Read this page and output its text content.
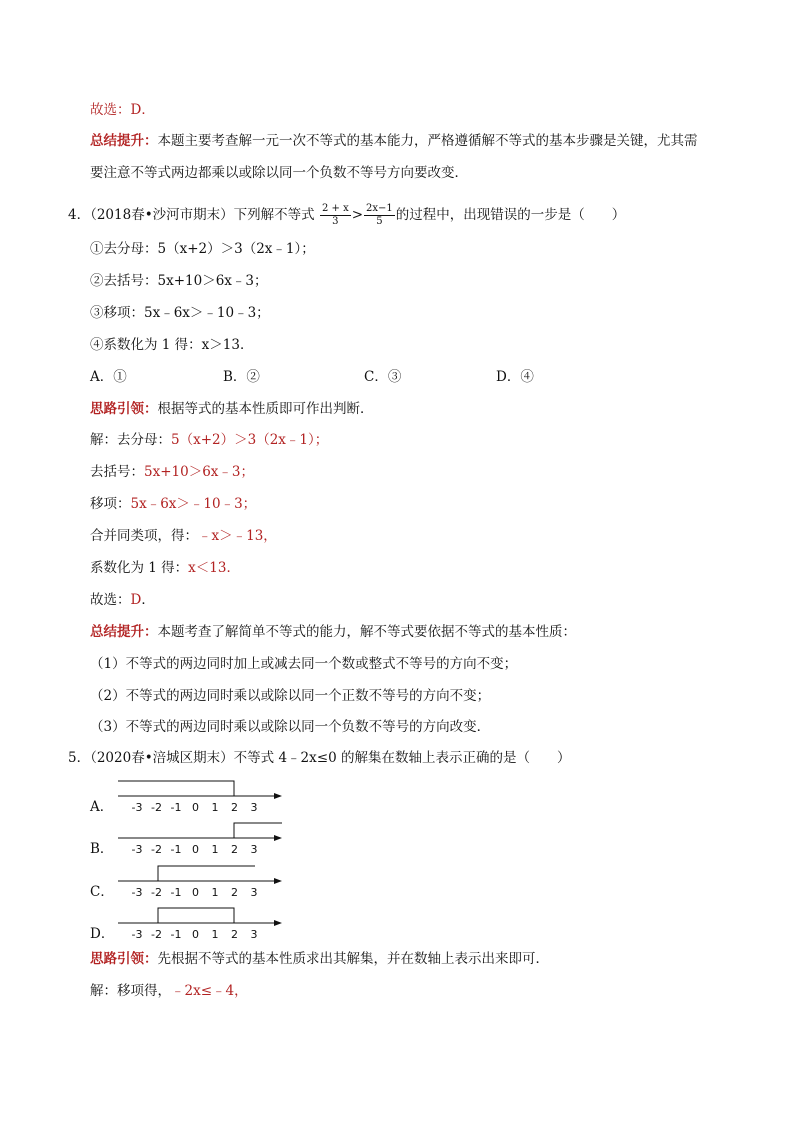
故选：D．
总结提升：本题主要考查解一元一次不等式的基本能力，严格遵循解不等式的基本步骤是关键，尤其需
要注意不等式两边都乘以或除以同一个负数不等号方向要改变．
4．（2018春•沙河市期末）下列解不等式 $\frac{2 + x}{3} > \frac{2x-1}{5}$ 的过程中，出现错误的一步是（　　）
①去分母：5（x+2）＞3（2x﹣1）；
②去括号：5x+10＞6x﹣3；
③移项：5x﹣6x＞﹣10﹣3；
④系数化为 1 得：x＞13．
A．①	B．②	C．③	D．④
思路引领：根据等式的基本性质即可作出判断．
解：去分母：5（x+2）＞3（2x﹣1）；
去括号：5x+10＞6x﹣3；
移项：5x﹣6x＞﹣10﹣3；
合并同类项，得：﹣x＞﹣13，
系数化为 1 得：x＜13．
故选：D．
总结提升：本题考查了解简单不等式的能力，解不等式要依据不等式的基本性质：
（1）不等式的两边同时加上或减去同一个数或整式不等号的方向不变；
（2）不等式的两边同时乘以或除以同一个正数不等号的方向不变；
（3）不等式的两边同时乘以或除以同一个负数不等号的方向改变．
5．（2020春•涪城区期末）不等式 4﹣2x≤0 的解集在数轴上表示正确的是（　　）
A． -3 -2 -1 0 1 2 3
B． -3 -2 -1 0 1 2 3
C． -3 -2 -1 0 1 2 3
D． -3 -2 -1 0 1 2 3
思路引领：先根据不等式的基本性质求出其解集，并在数轴上表示出来即可．
解：移项得，﹣2x≤﹣4，
